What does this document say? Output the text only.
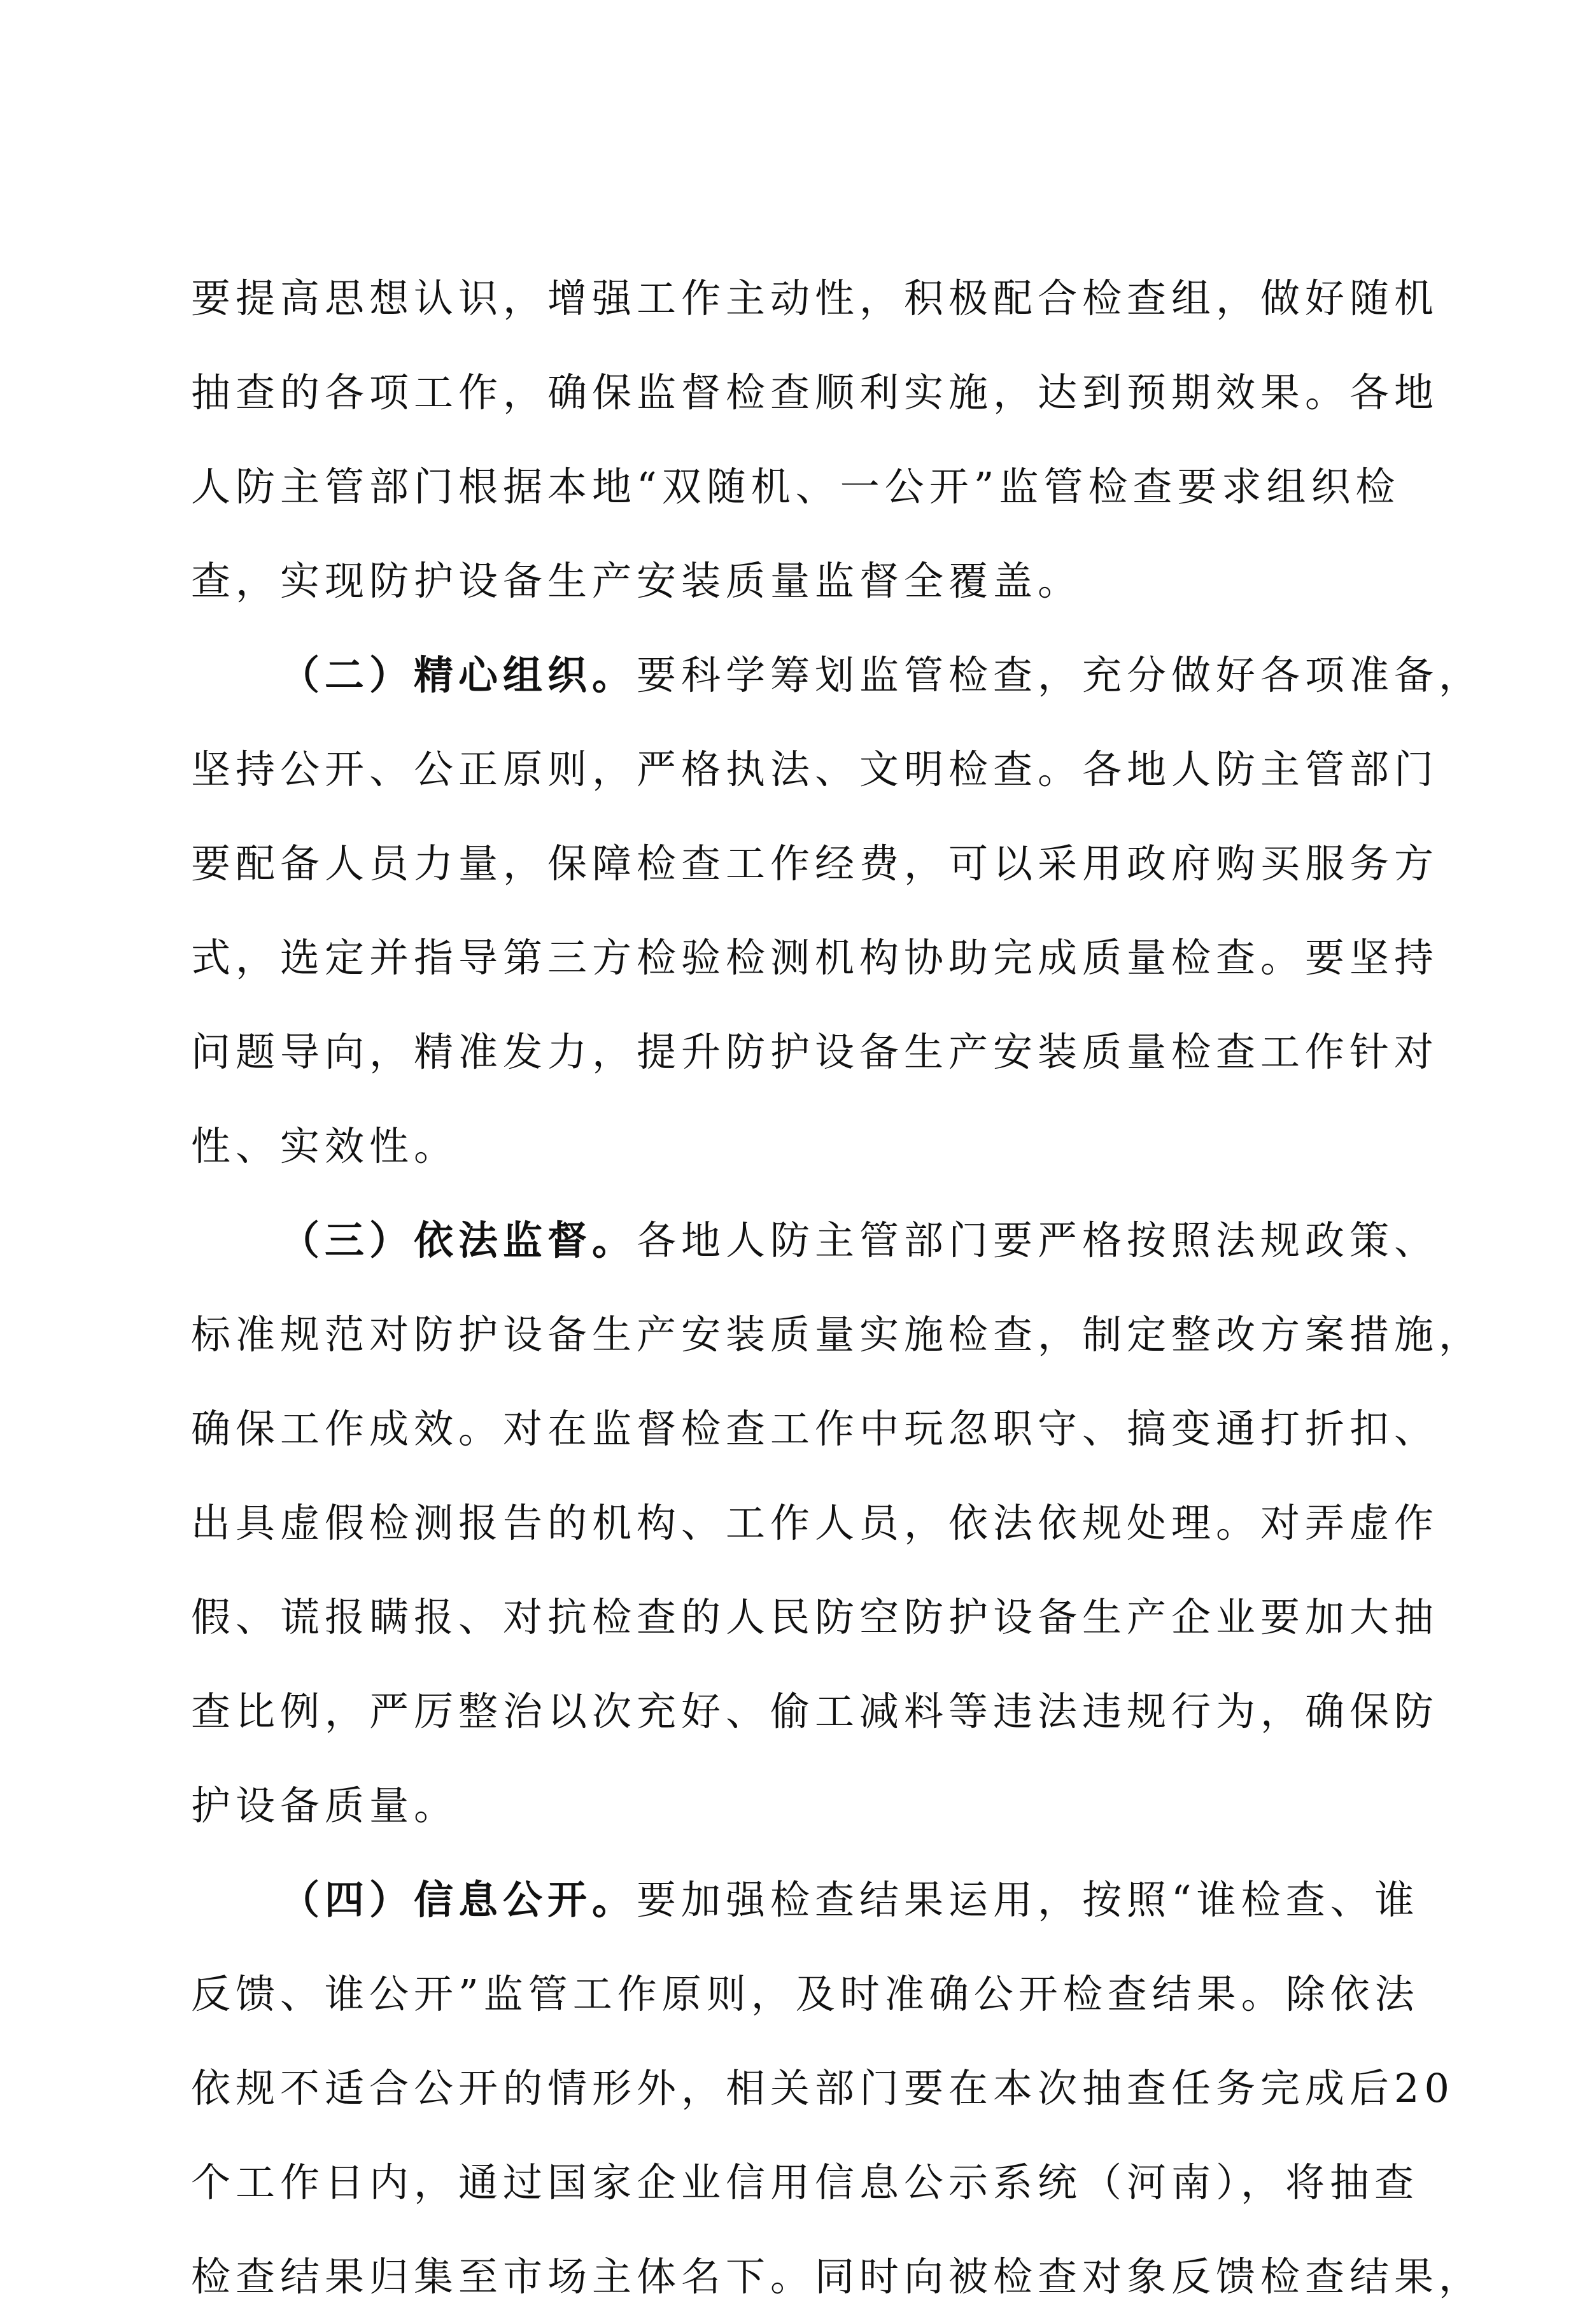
要提高思想认识，增强工作主动性，积极配合检查组，做好随机
抽查的各项工作，确保监督检查顺利实施，达到预期效果。各地
人防主管部门根据本地“双随机、一公开”监管检查要求组织检
查，实现防护设备生产安装质量监督全覆盖。
（二）精心组织。要科学筹划监管检查，充分做好各项准备，
坚持公开、公正原则，严格执法、文明检查。各地人防主管部门
要配备人员力量，保障检查工作经费，可以采用政府购买服务方
式，选定并指导第三方检验检测机构协助完成质量检查。要坚持
问题导向，精准发力，提升防护设备生产安装质量检查工作针对
性、实效性。
（三）依法监督。各地人防主管部门要严格按照法规政策、
标准规范对防护设备生产安装质量实施检查，制定整改方案措施，
确保工作成效。对在监督检查工作中玩忽职守、搞变通打折扣、
出具虚假检测报告的机构、工作人员，依法依规处理。对弄虚作
假、谎报瞒报、对抗检查的人民防空防护设备生产企业要加大抽
查比例，严厉整治以次充好、偷工减料等违法违规行为，确保防
护设备质量。
（四）信息公开。要加强检查结果运用，按照“谁检查、谁
反馈、谁公开”监管工作原则，及时准确公开检查结果。除依法
依规不适合公开的情形外，相关部门要在本次抽查任务完成后20
个工作日内，通过国家企业信用信息公示系统（河南），将抽查
检查结果归集至市场主体名下。同时向被检查对象反馈检查结果，
